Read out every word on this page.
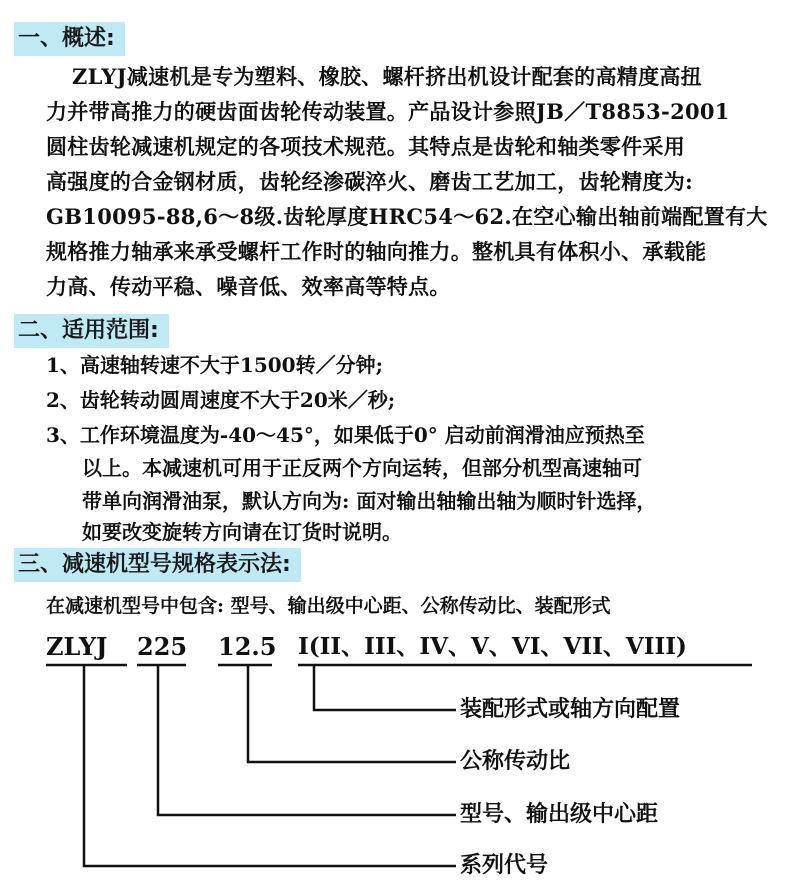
一、概述:
ZLYJ减速机是专为塑料、橡胶、螺杆挤出机设计配套的高精度高扭
力并带高推力的硬齿面齿轮传动装置。产品设计参照JB／T8853-2001
圆柱齿轮减速机规定的各项技术规范。其特点是齿轮和轴类零件采用
高强度的合金钢材质，齿轮经渗碳淬火、磨齿工艺加工，齿轮精度为:
GB10095-88,6～8级.齿轮厚度HRC54～62.在空心输出轴前端配置有大
规格推力轴承来承受螺杆工作时的轴向推力。整机具有体积小、承载能
力高、传动平稳、噪音低、效率高等特点。
二、适用范围:
1、高速轴转速不大于1500转／分钟;
2、齿轮转动圆周速度不大于20米／秒;
3、工作环境温度为-40～45°，如果低于0° 启动前润滑油应预热至
以上。本减速机可用于正反两个方向运转，但部分机型高速轴可
带单向润滑油泵，默认方向为: 面对输出轴输出轴为顺时针选择，
如要改变旋转方向请在订货时说明。
三、减速机型号规格表示法:
在减速机型号中包含: 型号、输出级中心距、公称传动比、装配形式
ZLYJ 225 12.5 I(II、III、IV、V、VI、VII、VIII)
装配形式或轴方向配置
公称传动比
型号、输出级中心距
系列代号
